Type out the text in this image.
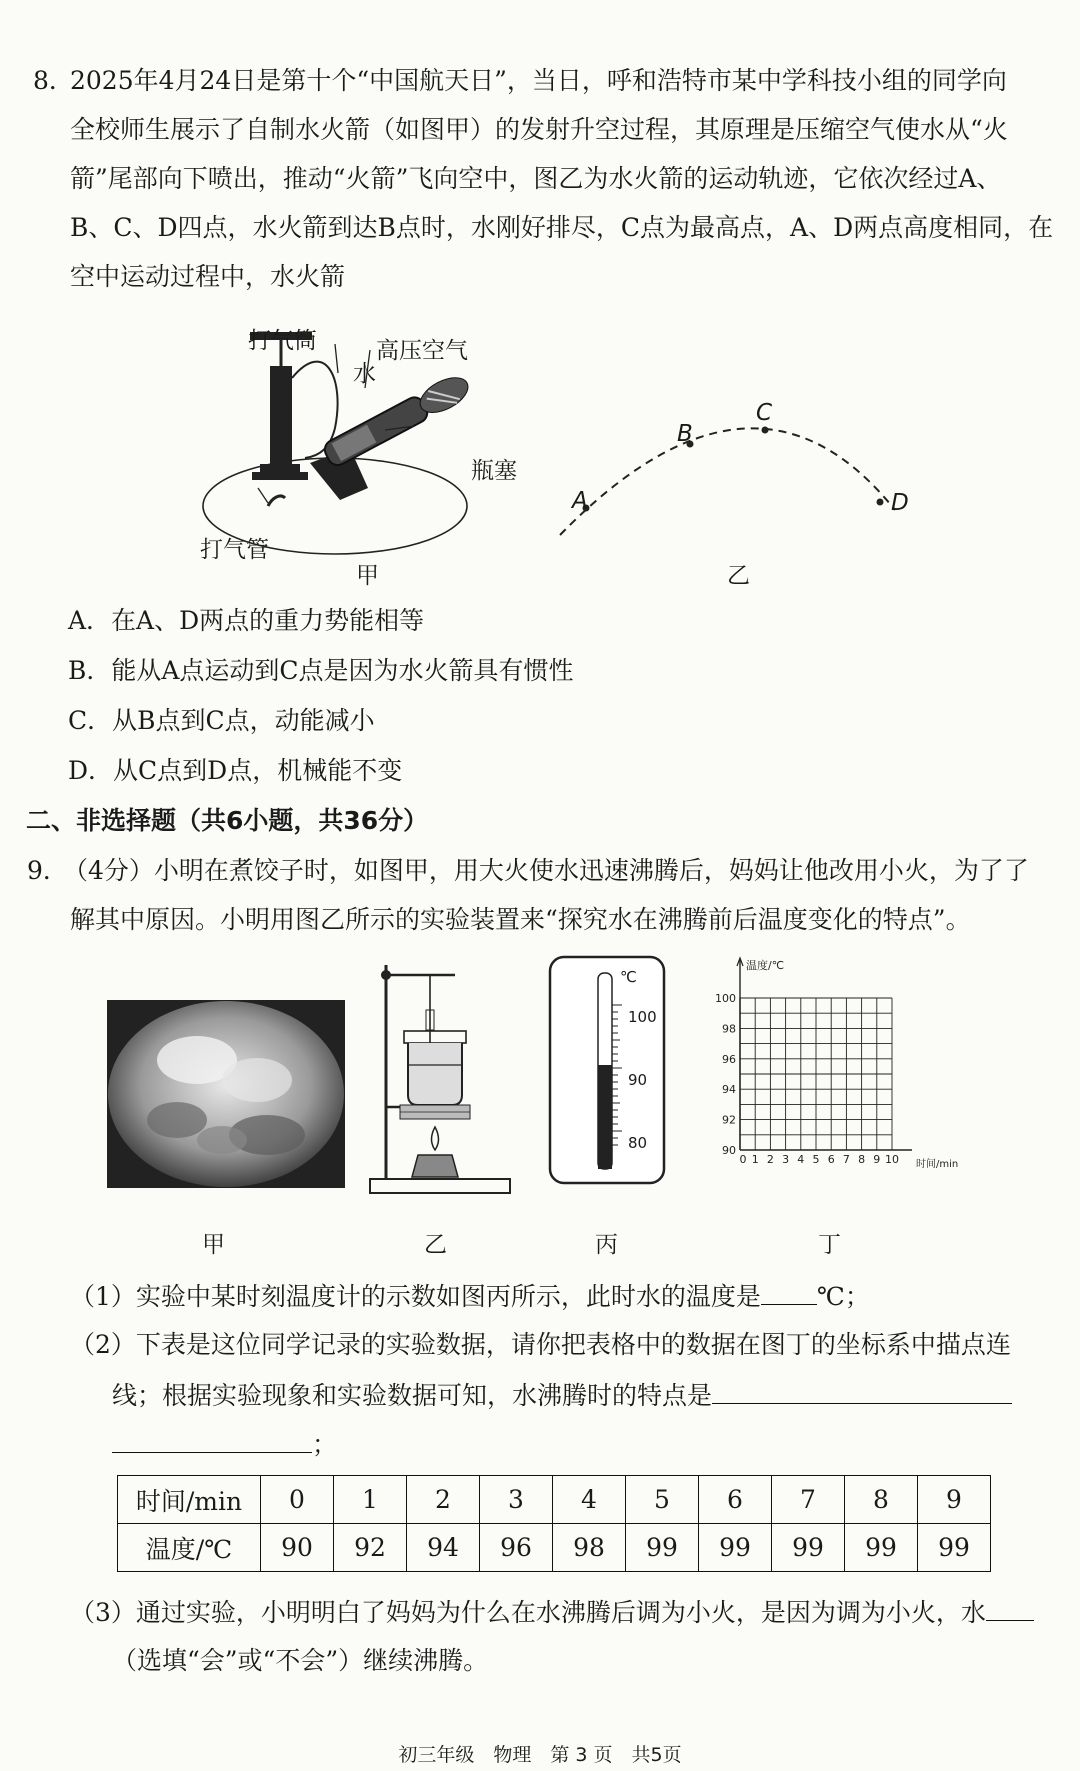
8．
2025年4月24日是第十个“中国航天日”，当日，呼和浩特市某中学科技小组的同学向
全校师生展示了自制水火箭（如图甲）的发射升空过程，其原理是压缩空气使水从“火
箭”尾部向下喷出，推动“火箭”飞向空中，图乙为水火箭的运动轨迹，它依次经过A、
B、C、D四点，水火箭到达B点时，水刚好排尽，C点为最高点，A、D两点高度相同，在
空中运动过程中，水火箭
打气筒	高压空气
水
瓶塞
打气管
甲
A
B
C
D
乙
A．在A、D两点的重力势能相等
B．能从A点运动到C点是因为水火箭具有惯性
C．从B点到C点，动能减小
D．从C点到D点，机械能不变
二、非选择题（共6小题，共36分）
9．
（4分）小明在煮饺子时，如图甲，用大火使水迅速沸腾后，妈妈让他改用小火，为了了
解其中原因。小明用图乙所示的实验装置来“探究水在沸腾前后温度变化的特点”。
℃
100
90
80
温度/℃
100
98
96
94
92
90
0 1 2 3 4 5 6 7 8 9 10 时间/min
甲	乙	丙	丁
（1）实验中某时刻温度计的示数如图丙所示，此时水的温度是 ℃；
（2）下表是这位同学记录的实验数据，请你把表格中的数据在图丁的坐标系中描点连
线；根据实验现象和实验数据可知，水沸腾时的特点是
；
时间/min	0	1	2	3	4	5	6	7	8	9
温度/℃	90	92	94	96	98	99	99	99	99	99
（3）通过实验，小明明白了妈妈为什么在水沸腾后调为小火，是因为调为小火，水
（选填“会”或“不会”）继续沸腾。
初三年级　物理　第 3 页　共5页
